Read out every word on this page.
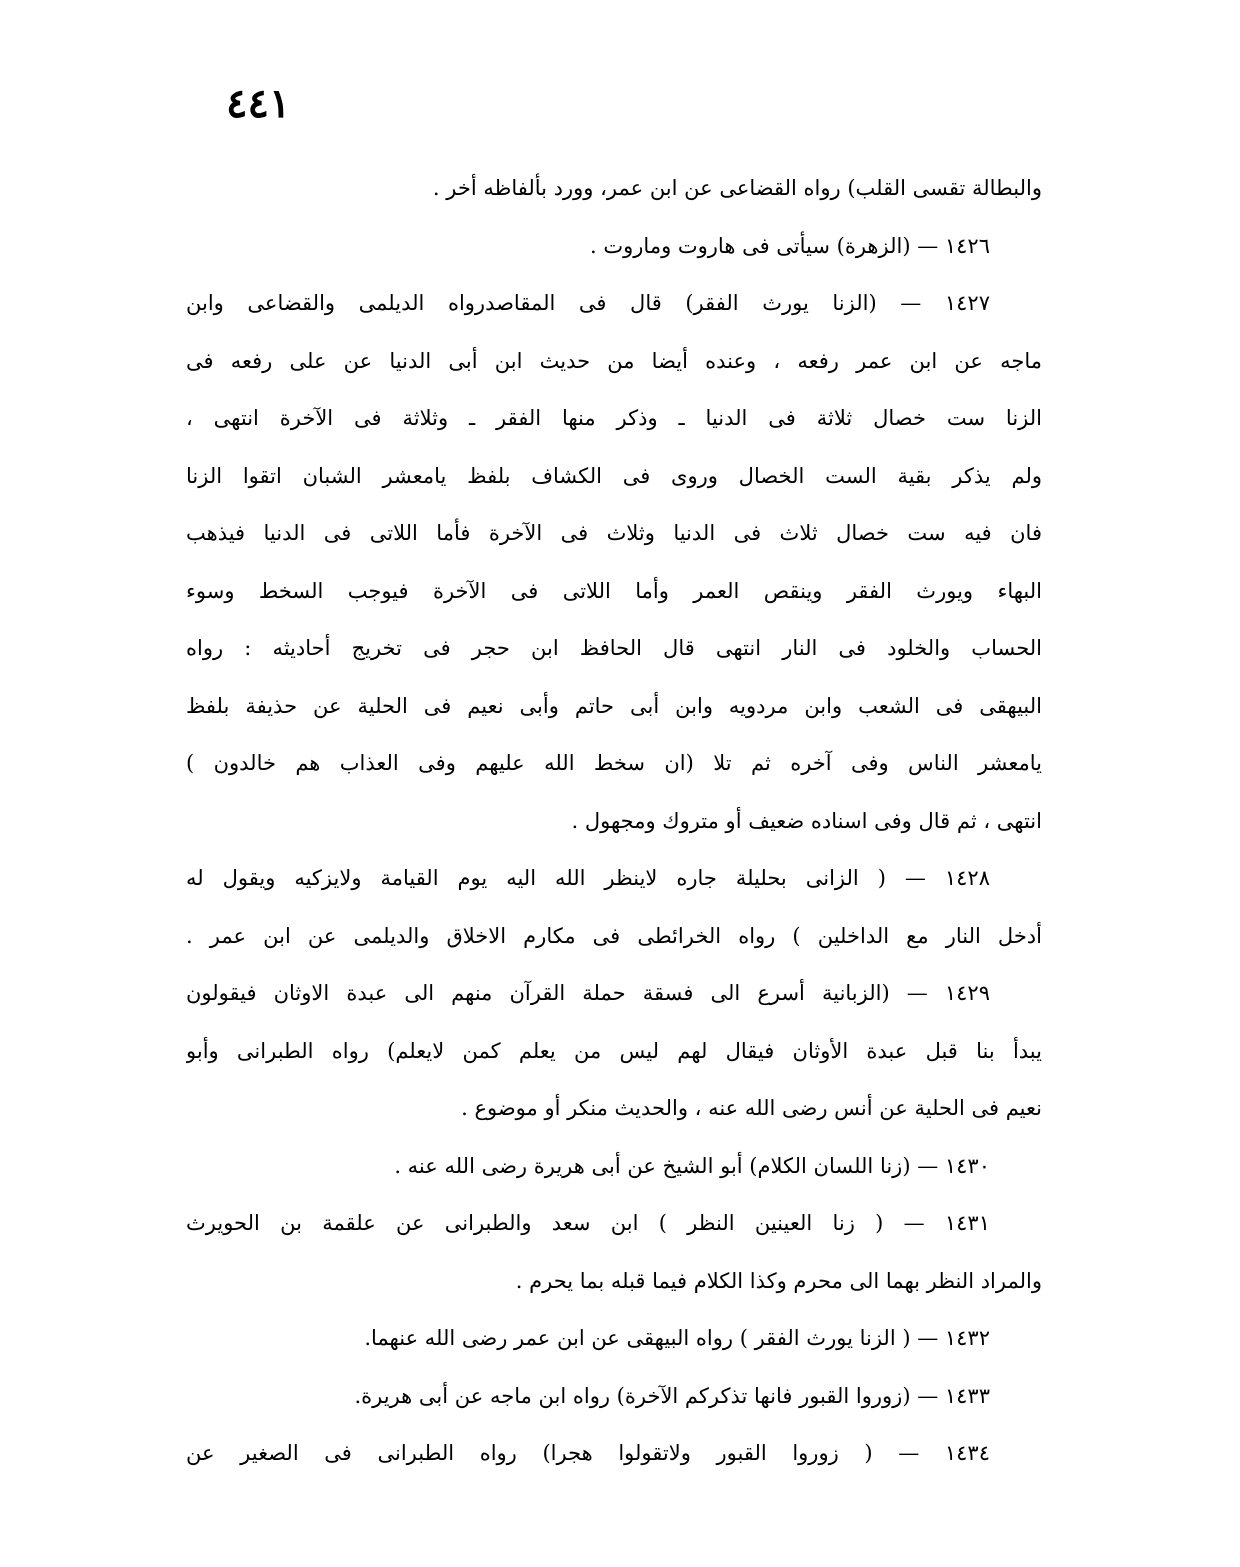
٤٤١
والبطالة تقسى القلب) رواه القضاعى عن ابن عمر، وورد بألفاظه أخر .
١٤٢٦ — (الزهرة) سيأتى فى هاروت وماروت .
١٤٢٧ — (الزنا يورث الفقر) قال فى المقاصدرواه الديلمى والقضاعى وابن
ماجه عن ابن عمر رفعه ، وعنده أيضا من حديث ابن أبى الدنيا عن على رفعه فى
الزنا ست خصال ثلاثة فى الدنيا ـ وذكر منها الفقر ـ وثلاثة فى الآخرة انتهى ،
ولم يذكر بقية الست الخصال وروى فى الكشاف بلفظ يامعشر الشبان اتقوا الزنا
فان فيه ست خصال ثلاث فى الدنيا وثلاث فى الآخرة فأما اللاتى فى الدنيا فيذهب
البهاء ويورث الفقر وينقص العمر وأما اللاتى فى الآخرة فيوجب السخط وسوء
الحساب والخلود فى النار انتهى قال الحافظ ابن حجر فى تخريج أحاديثه : رواه
البيهقى فى الشعب وابن مردويه وابن أبى حاتم وأبى نعيم فى الحلية عن حذيفة بلفظ
يامعشر الناس وفى آخره ثم تلا (ان سخط الله عليهم وفى العذاب هم خالدون )
انتهى ، ثم قال وفى اسناده ضعيف أو متروك ومجهول .
١٤٢٨ — ( الزانى بحليلة جاره لاينظر الله اليه يوم القيامة ولايزكيه ويقول له
أدخل النار مع الداخلين ) رواه الخرائطى فى مكارم الاخلاق والديلمى عن ابن عمر .
١٤٢٩ — (الزبانية أسرع الى فسقة حملة القرآن منهم الى عبدة الاوثان فيقولون
يبدأ بنا قبل عبدة الأوثان فيقال لهم ليس من يعلم كمن لايعلم) رواه الطبرانى وأبو
نعيم فى الحلية عن أنس رضى الله عنه ، والحديث منكر أو موضوع .
١٤٣٠ — (زنا اللسان الكلام) أبو الشيخ عن أبى هريرة رضى الله عنه .
١٤٣١ — ( زنا العينين النظر ) ابن سعد والطبرانى عن علقمة بن الحويرث
والمراد النظر بهما الى محرم وكذا الكلام فيما قبله بما يحرم .
١٤٣٢ — ( الزنا يورث الفقر ) رواه البيهقى عن ابن عمر رضى الله عنهما.
١٤٣٣ — (زوروا القبور فانها تذكركم الآخرة) رواه ابن ماجه عن أبى هريرة.
١٤٣٤ — ( زوروا القبور ولاتقولوا هجرا) رواه الطبرانى فى الصغير عن
